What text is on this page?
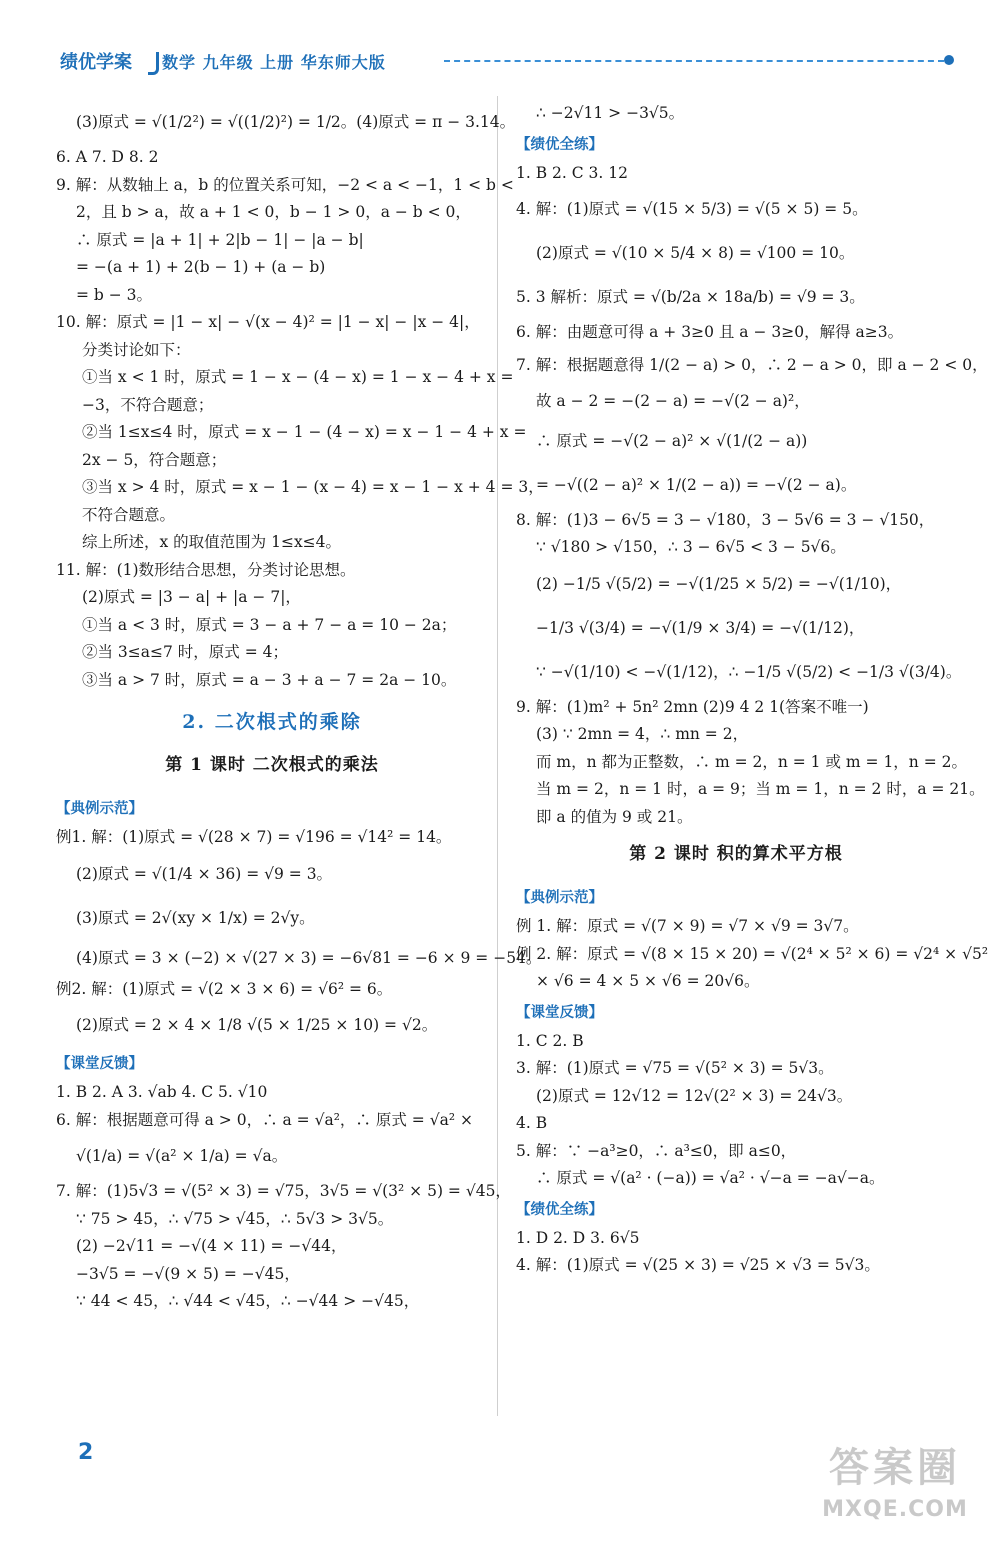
绩优学案	数学 九年级 上册 华东师大版

(3)原式 = √(1/2²) = √((1/2)²) = 1/2。(4)原式 = π − 3.14。

6. A 7. D 8. 2

9. 解：从数轴上 a，b 的位置关系可知，−2 < a < −1，1 < b <

2，且 b > a，故 a + 1 < 0，b − 1 > 0，a − b < 0，

∴ 原式 = |a + 1| + 2|b − 1| − |a − b|

= −(a + 1) + 2(b − 1) + (a − b)

= b − 3。

10. 解：原式 = |1 − x| − √(x − 4)² = |1 − x| − |x − 4|，

分类讨论如下：

①当 x < 1 时，原式 = 1 − x − (4 − x) = 1 − x − 4 + x =

−3，不符合题意；

②当 1≤x≤4 时，原式 = x − 1 − (4 − x) = x − 1 − 4 + x =

2x − 5，符合题意；

③当 x > 4 时，原式 = x − 1 − (x − 4) = x − 1 − x + 4 = 3，

不符合题意。

综上所述，x 的取值范围为 1≤x≤4。

11. 解：(1)数形结合思想，分类讨论思想。

(2)原式 = |3 − a| + |a − 7|，

①当 a < 3 时，原式 = 3 − a + 7 − a = 10 − 2a；

②当 3≤a≤7 时，原式 = 4；

③当 a > 7 时，原式 = a − 3 + a − 7 = 2a − 10。

2. 二次根式的乘除
第 1 课时 二次根式的乘法
【典例示范】

例1. 解：(1)原式 = √(28 × 7) = √196 = √14² = 14。

(2)原式 = √(1/4 × 36) = √9 = 3。

(3)原式 = 2√(xy × 1/x) = 2√y。

(4)原式 = 3 × (−2) × √(27 × 3) = −6√81 = −6 × 9 = −54。

例2. 解：(1)原式 = √(2 × 3 × 6) = √6² = 6。

(2)原式 = 2 × 4 × 1/8 √(5 × 1/25 × 10) = √2。

【课堂反馈】

1. B 2. A 3. √ab 4. C 5. √10

6. 解：根据题意可得 a > 0，∴ a = √a²，∴ 原式 = √a² ×

√(1/a) = √(a² × 1/a) = √a。

7. 解：(1)5√3 = √(5² × 3) = √75，3√5 = √(3² × 5) = √45，

∵ 75 > 45，∴ √75 > √45，∴ 5√3 > 3√5。

(2) −2√11 = −√(4 × 11) = −√44，

−3√5 = −√(9 × 5) = −√45，

∵ 44 < 45，∴ √44 < √45，∴ −√44 > −√45，

∴ −2√11 > −3√5。

【绩优全练】

1. B 2. C 3. 12

4. 解：(1)原式 = √(15 × 5/3) = √(5 × 5) = 5。

(2)原式 = √(10 × 5/4 × 8) = √100 = 10。

5. 3 解析：原式 = √(b/2a × 18a/b) = √9 = 3。

6. 解：由题意可得 a + 3≥0 且 a − 3≥0，解得 a≥3。

7. 解：根据题意得 1/(2 − a) > 0，∴ 2 − a > 0，即 a − 2 < 0，

故 a − 2 = −(2 − a) = −√(2 − a)²，

∴ 原式 = −√(2 − a)² × √(1/(2 − a))

= −√((2 − a)² × 1/(2 − a)) = −√(2 − a)。

8. 解：(1)3 − 6√5 = 3 − √180，3 − 5√6 = 3 − √150，

∵ √180 > √150，∴ 3 − 6√5 < 3 − 5√6。

(2) −1/5 √(5/2) = −√(1/25 × 5/2) = −√(1/10)，

−1/3 √(3/4) = −√(1/9 × 3/4) = −√(1/12)，

∵ −√(1/10) < −√(1/12)，∴ −1/5 √(5/2) < −1/3 √(3/4)。

9. 解：(1)m² + 5n² 2mn (2)9 4 2 1(答案不唯一)

(3) ∵ 2mn = 4，∴ mn = 2，

而 m，n 都为正整数，∴ m = 2，n = 1 或 m = 1，n = 2。

当 m = 2，n = 1 时，a = 9；当 m = 1，n = 2 时，a = 21。

即 a 的值为 9 或 21。

第 2 课时 积的算术平方根
【典例示范】

例 1. 解：原式 = √(7 × 9) = √7 × √9 = 3√7。

例 2. 解：原式 = √(8 × 15 × 20) = √(2⁴ × 5² × 6) = √2⁴ × √5²

× √6 = 4 × 5 × √6 = 20√6。

【课堂反馈】

1. C 2. B

3. 解：(1)原式 = √75 = √(5² × 3) = 5√3。

(2)原式 = 12√12 = 12√(2² × 3) = 24√3。

4. B

5. 解：∵ −a³≥0，∴ a³≤0，即 a≤0，

∴ 原式 = √(a² · (−a)) = √a² · √−a = −a√−a。

【绩优全练】

1. D 2. D 3. 6√5

4. 解：(1)原式 = √(25 × 3) = √25 × √3 = 5√3。

2	答案圈
MXQE.COM
